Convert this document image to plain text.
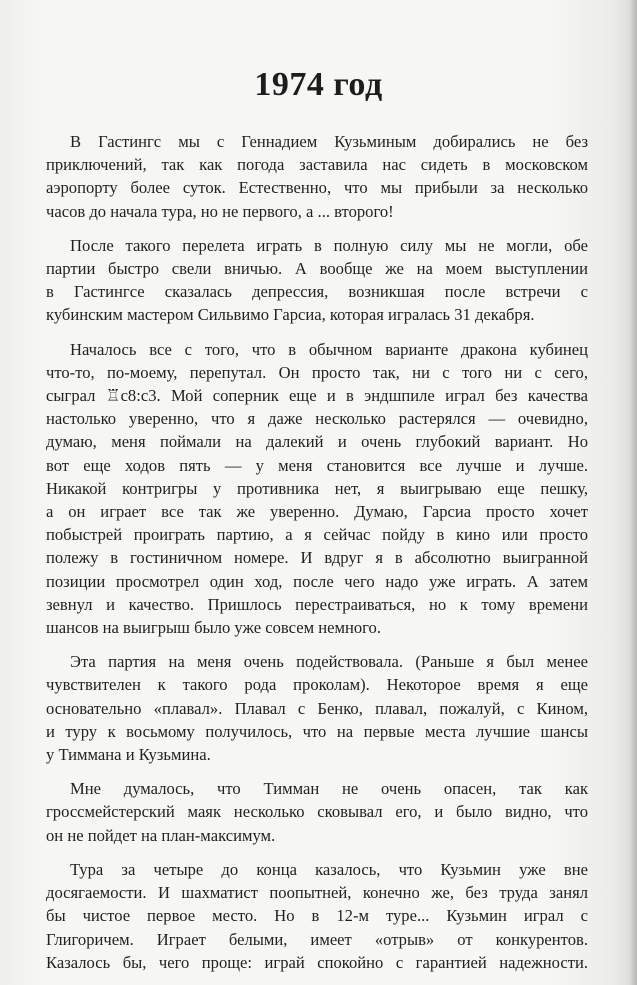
1974 год

В Гастингс мы с Геннадием Кузьминым добирались не без
приключений, так как погода заставила нас сидеть в московском
аэропорту более суток. Естественно, что мы прибыли за несколько
часов до начала тура, но не первого, а ... второго!

После такого перелета играть в полную силу мы не могли, обе
партии быстро свели вничью. А вообще же на моем выступлении
в Гастингсе сказалась депрессия, возникшая после встречи с
кубинским мастером Сильвимо Гарсиа, которая игралась 31 декабря.

Началось все с того, что в обычном варианте дракона кубинец
что-то, по-моему, перепутал. Он просто так, ни с того ни с сего,
сыграл ♖c8:c3. Мой соперник еще и в эндшпиле играл без качества
настолько уверенно, что я даже несколько растерялся — очевидно,
думаю, меня поймали на далекий и очень глубокий вариант. Но
вот еще ходов пять — у меня становится все лучше и лучше.
Никакой контригры у противника нет, я выигрываю еще пешку,
а он играет все так же уверенно. Думаю, Гарсиа просто хочет
побыстрей проиграть партию, а я сейчас пойду в кино или просто
полежу в гостиничном номере. И вдруг я в абсолютно выигранной
позиции просмотрел один ход, после чего надо уже играть. А затем
зевнул и качество. Пришлось перестраиваться, но к тому времени
шансов на выигрыш было уже совсем немного.

Эта партия на меня очень подействовала. (Раньше я был менее
чувствителен к такого рода проколам). Некоторое время я еще
основательно «плавал». Плавал с Бенко, плавал, пожалуй, с Кином,
и туру к восьмому получилось, что на первые места лучшие шансы
у Тиммана и Кузьмина.

Мне думалось, что Тимман не очень опасен, так как
гроссмейстерский маяк несколько сковывал его, и было видно, что
он не пойдет на план-максимум.

Тура за четыре до конца казалось, что Кузьмин уже вне
досягаемости. И шахматист поопытней, конечно же, без труда занял
бы чистое первое место. Но в 12-м туре... Кузьмин играл с
Глигоричем. Играет белыми, имеет «отрыв» от конкурентов.
Казалось бы, чего проще: играй спокойно с гарантией надежности.
